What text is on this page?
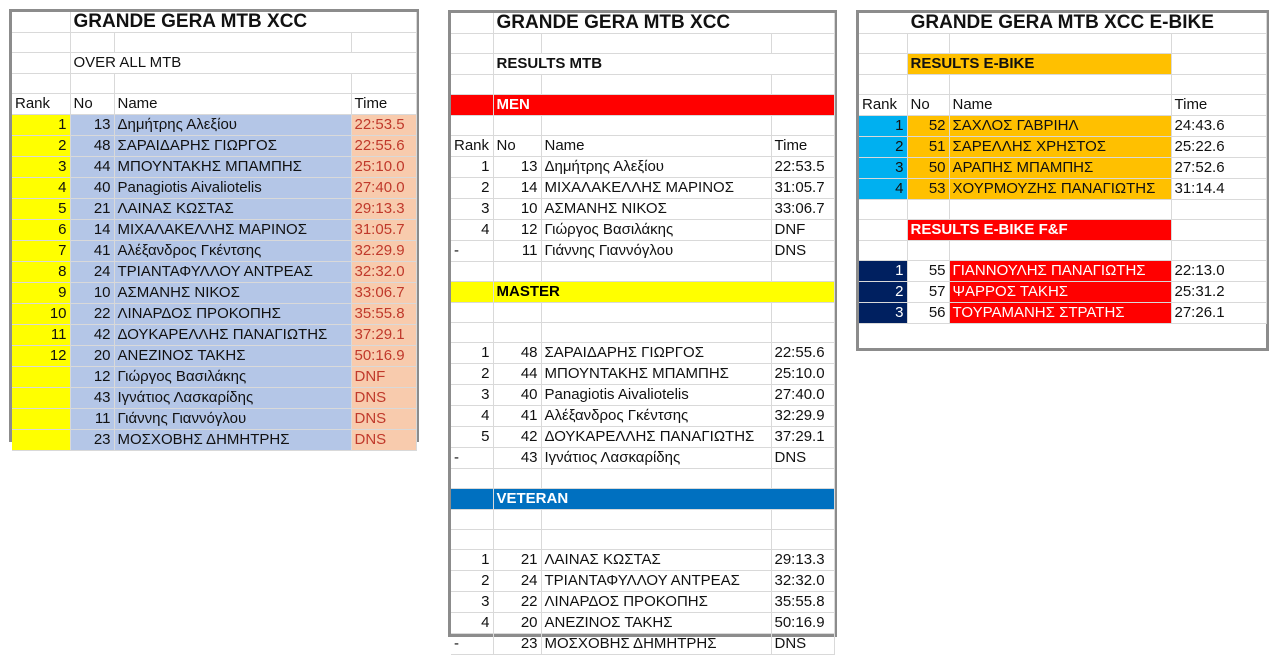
	GRANDE GERA MTB XCC		

	OVER ALL MTB		

Rank	No	Name	Time
1	13	Δημήτρης Αλεξίου	22:53.5
2	48	ΣΑΡΑΙΔΑΡΗΣ ΓΙΩΡΓΟΣ	22:55.6
3	44	ΜΠΟΥΝΤΑΚΗΣ ΜΠΑΜΠΗΣ	25:10.0
4	40	Panagiotis Aivaliotelis	27:40.0
5	21	ΛΑΙΝΑΣ ΚΩΣΤΑΣ	29:13.3
6	14	ΜΙΧΑΛΑΚΕΛΛΗΣ ΜΑΡΙΝΟΣ	31:05.7
7	41	Αλέξανδρος Γκέντσης	32:29.9
8	24	ΤΡΙΑΝΤΑΦΥΛΛΟΥ ΑΝΤΡΕΑΣ	32:32.0
9	10	ΑΣΜΑΝΗΣ ΝΙΚΟΣ	33:06.7
10	22	ΛΙΝΑΡΔΟΣ ΠΡΟΚΟΠΗΣ	35:55.8
11	42	ΔΟΥΚΑΡΕΛΛΗΣ ΠΑΝΑΓΙΩΤΗΣ	37:29.1
12	20	ΑΝΕΖΙΝΟΣ ΤΑΚΗΣ	50:16.9
	12	Γιώργος Βασιλάκης	DNF
	43	Ιγνάτιος Λασκαρίδης	DNS
	11	Γιάννης Γιαννόγλου	DNS
	23	ΜΟΣΧΟΒΗΣ ΔΗΜΗΤΡΗΣ	DNS
	GRANDE GERA MTB XCC		

	RESULTS MTB		

	MEN		

Rank	No	Name	Time
1	13	Δημήτρης Αλεξίου	22:53.5
2	14	ΜΙΧΑΛΑΚΕΛΛΗΣ ΜΑΡΙΝΟΣ	31:05.7
3	10	ΑΣΜΑΝΗΣ ΝΙΚΟΣ	33:06.7
4	12	Γιώργος Βασιλάκης	DNF
-	11	Γιάννης Γιαννόγλου	DNS

	MASTER		

1	48	ΣΑΡΑΙΔΑΡΗΣ ΓΙΩΡΓΟΣ	22:55.6
2	44	ΜΠΟΥΝΤΑΚΗΣ ΜΠΑΜΠΗΣ	25:10.0
3	40	Panagiotis Aivaliotelis	27:40.0
4	41	Αλέξανδρος Γκέντσης	32:29.9
5	42	ΔΟΥΚΑΡΕΛΛΗΣ ΠΑΝΑΓΙΩΤΗΣ	37:29.1
-	43	Ιγνάτιος Λασκαρίδης	DNS

	VETERAN		

1	21	ΛΑΙΝΑΣ ΚΩΣΤΑΣ	29:13.3
2	24	ΤΡΙΑΝΤΑΦΥΛΛΟΥ ΑΝΤΡΕΑΣ	32:32.0
3	22	ΛΙΝΑΡΔΟΣ ΠΡΟΚΟΠΗΣ	35:55.8
4	20	ΑΝΕΖΙΝΟΣ ΤΑΚΗΣ	50:16.9
-	23	ΜΟΣΧΟΒΗΣ ΔΗΜΗΤΡΗΣ	DNS
GRANDE GERA MTB XCC E-BIKE			

	RESULTS E-BIKE		

Rank	No	Name	Time
1	52	ΣΑΧΛΟΣ ΓΑΒΡΙΗΛ	24:43.6
2	51	ΣΑΡΕΛΛΗΣ ΧΡΗΣΤΟΣ	25:22.6
3	50	ΑΡΑΠΗΣ ΜΠΑΜΠΗΣ	27:52.6
4	53	ΧΟΥΡΜΟΥΖΗΣ ΠΑΝΑΓΙΩΤΗΣ	31:14.4

	RESULTS E-BIKE F&F		

1	55	ΓΙΑΝΝΟΥΛΗΣ ΠΑΝΑΓΙΩΤΗΣ	22:13.0
2	57	ΨΑΡΡΟΣ ΤΑΚΗΣ	25:31.2
3	56	ΤΟΥΡΑΜΑΝΗΣ ΣΤΡΑΤΗΣ	27:26.1
